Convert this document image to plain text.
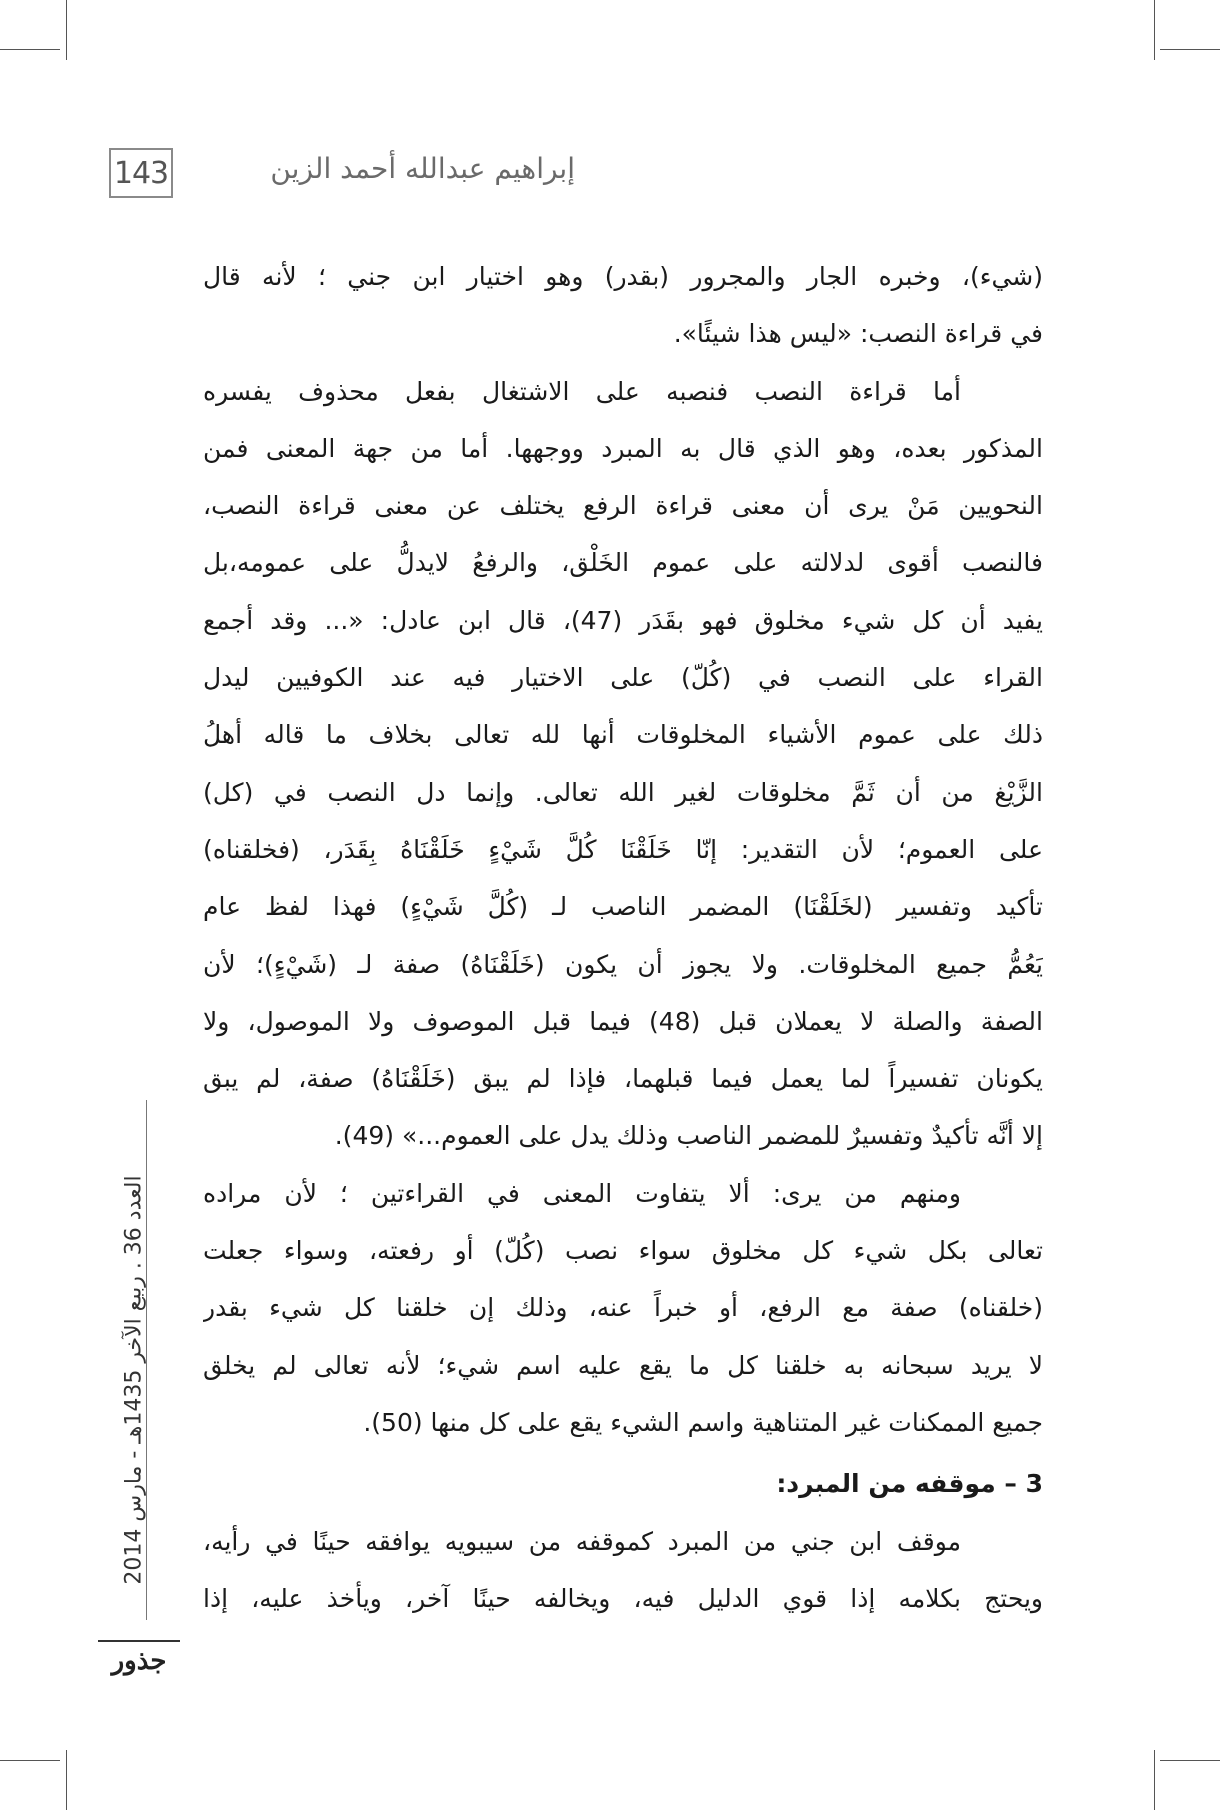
143	إبراهيم عبدالله أحمد الزين
العدد 36 . ربيع الآخر 1435هـ - مارس 2014
جذور
(شيء)، وخبره الجار والمجرور (بقدر) وهو اختيار ابن جني ؛ لأنه قال
في قراءة النصب: «ليس هذا شيئًا».
أما قراءة النصب فنصبه على الاشتغال بفعل محذوف يفسره
المذكور بعده، وهو الذي قال به المبرد ووجهها. أما من جهة المعنى فمن
النحويين مَنْ يرى أن معنى قراءة الرفع يختلف عن معنى قراءة النصب،
فالنصب أقوى لدلالته على عموم الخَلْق، والرفعُ لايدلُّ على عمومه،بل
يفيد أن كل شيء مخلوق فهو بقَدَر (47)، قال ابن عادل: «... وقد أجمع
القراء على النصب في (كُلّ) على الاختيار فيه عند الكوفيين ليدل
ذلك على عموم الأشياء المخلوقات أنها لله تعالى بخلاف ما قاله أهلُ
الزَّيْغ من أن ثَمَّ مخلوقات لغير الله تعالى. وإنما دل النصب في (كل)
على العموم؛ لأن التقدير: إنّا خَلَقْنَا كُلَّ شَيْءٍ خَلَقْنَاهُ بِقَدَر، (فخلقناه)
تأكيد وتفسير (لخَلَقْنَا) المضمر الناصب لـ (كُلَّ شَيْءٍ) فهذا لفظ عام
يَعُمُّ جميع المخلوقات. ولا يجوز أن يكون (خَلَقْنَاهُ) صفة لـ (شَيْءٍ)؛ لأن
الصفة والصلة لا يعملان قبل (48) فيما قبل الموصوف ولا الموصول، ولا
يكونان تفسيراً لما يعمل فيما قبلهما، فإذا لم يبق (خَلَقْنَاهُ) صفة، لم يبق
إلا أنَّه تأكيدٌ وتفسيرٌ للمضمر الناصب وذلك يدل على العموم...» (49).
ومنهم من يرى: ألا يتفاوت المعنى في القراءتين ؛ لأن مراده
تعالى بكل شيء كل مخلوق سواء نصب (كُلّ) أو رفعته، وسواء جعلت
(خلقناه) صفة مع الرفع، أو خبراً عنه، وذلك إن خلقنا كل شيء بقدر
لا يريد سبحانه به خلقنا كل ما يقع عليه اسم شيء؛ لأنه تعالى لم يخلق
جميع الممكنات غير المتناهية واسم الشيء يقع على كل منها (50).
3 – موقفه من المبرد:
موقف ابن جني من المبرد كموقفه من سيبويه يوافقه حينًا في رأيه،
ويحتج بكلامه إذا قوي الدليل فيه، ويخالفه حينًا آخر، ويأخذ عليه، إذا
